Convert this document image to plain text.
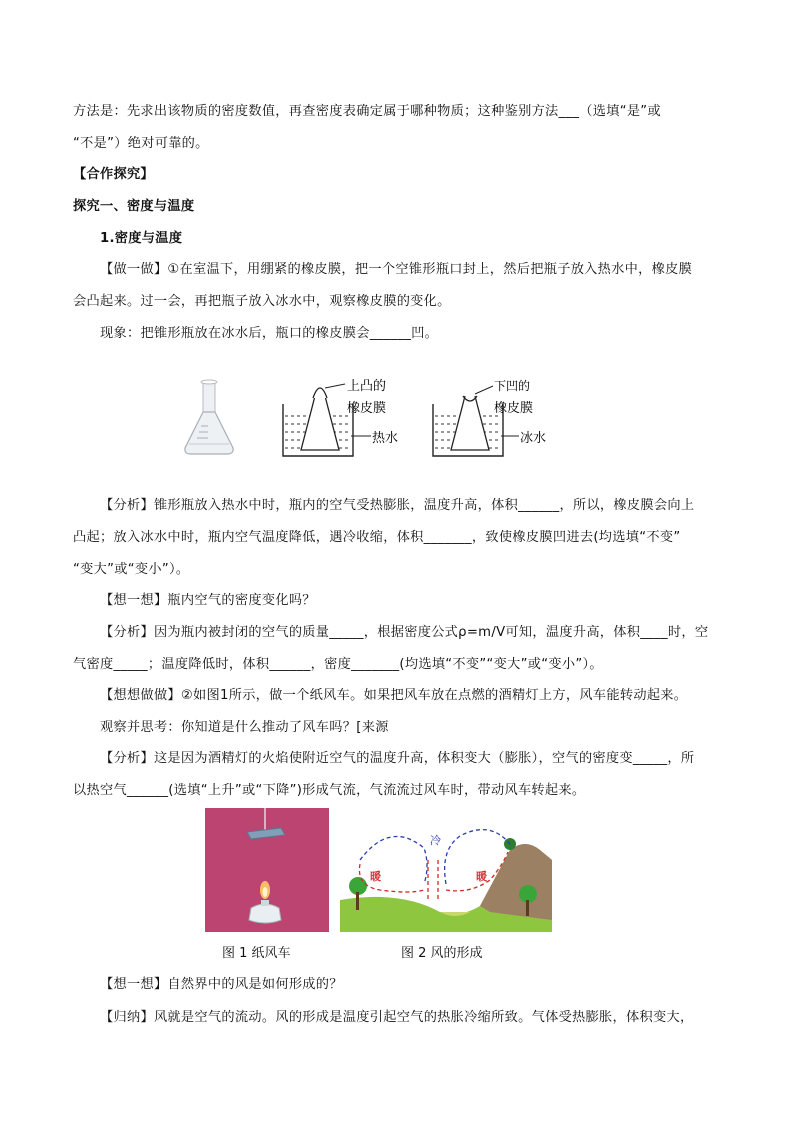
方法是：先求出该物质的密度数值，再查密度表确定属于哪种物质；这种鉴别方法___（选填“是”或
“不是”）绝对可靠的。
【合作探究】
探究一、密度与温度
1.密度与温度
【做一做】①在室温下，用绷紧的橡皮膜，把一个空锥形瓶口封上，然后把瓶子放入热水中，橡皮膜
会凸起来。过一会，再把瓶子放入冰水中，观察橡皮膜的变化。
现象：把锥形瓶放在冰水后，瓶口的橡皮膜会______凹。
上凸的
橡皮膜
热水
下凹的
橡皮膜
冰水
【分析】锥形瓶放入热水中时，瓶内的空气受热膨胀，温度升高，体积______，所以，橡皮膜会向上
凸起；放入冰水中时，瓶内空气温度降低，遇冷收缩，体积_______，致使橡皮膜凹进去(均选填“不变”
“变大”或“变小”）。
【想一想】瓶内空气的密度变化吗？
【分析】因为瓶内被封闭的空气的质量_____，根据密度公式ρ=m/V可知，温度升高，体积____时，空
气密度_____；温度降低时，体积______，密度_______(均选填“不变”“变大”或“变小”）。
【想想做做】②如图1所示，做一个纸风车。如果把风车放在点燃的酒精灯上方，风车能转动起来。
观察并思考：你知道是什么推动了风车吗？[来源
【分析】这是因为酒精灯的火焰使附近空气的温度升高，体积变大（膨胀），空气的密度变_____，所
以热空气______(选填“上升”或“下降”)形成气流，气流流过风车时，带动风车转起来。
冷
暖	暖
图 1 纸风车	图 2 风的形成
【想一想】自然界中的风是如何形成的？
【归纳】风就是空气的流动。风的形成是温度引起空气的热胀冷缩所致。气体受热膨胀，体积变大，
